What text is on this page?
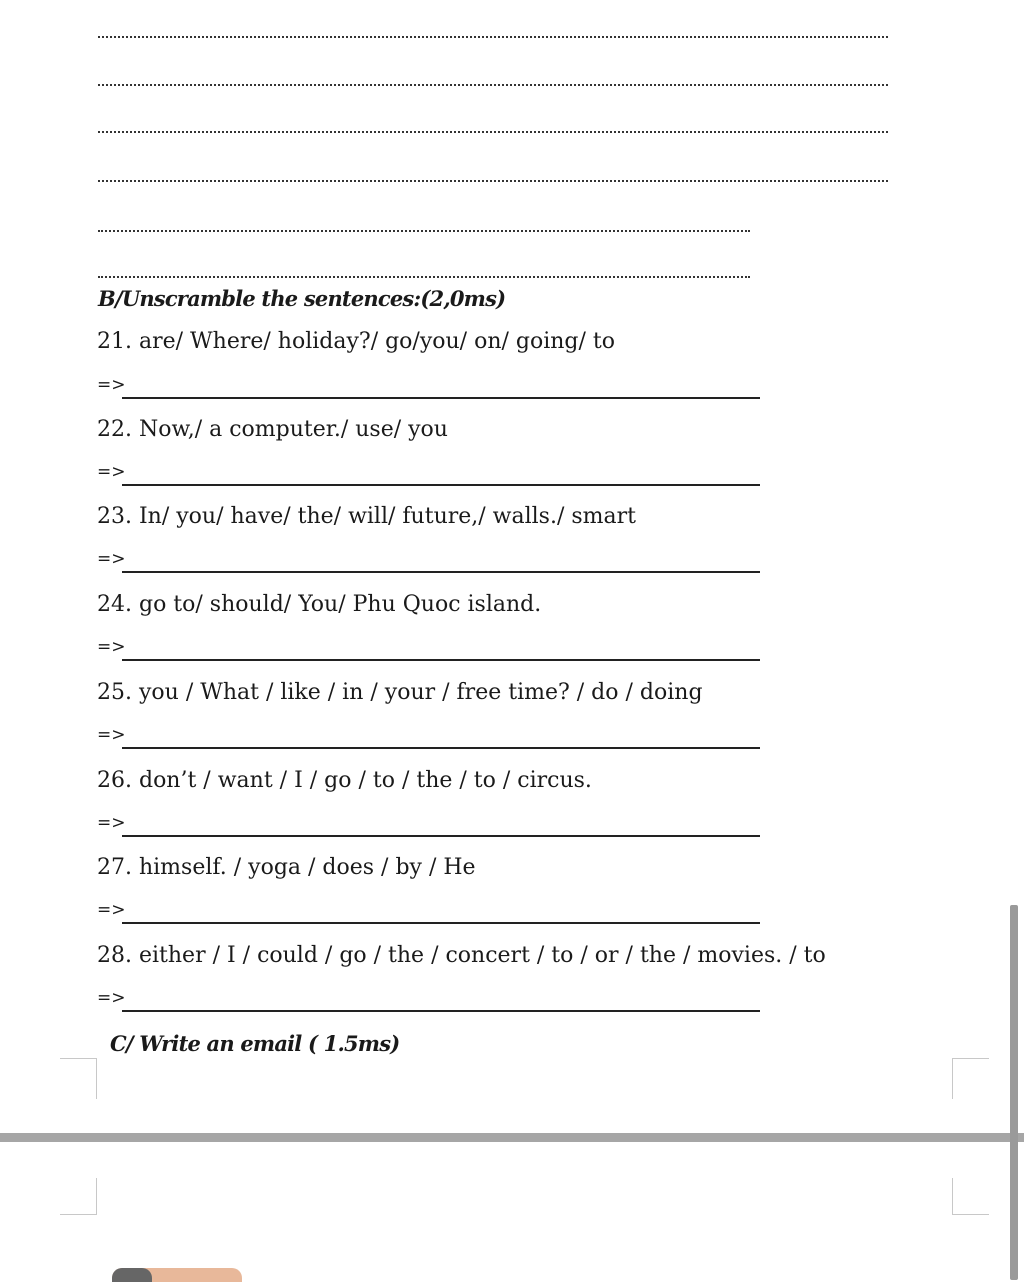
B/Unscramble the sentences:(2,0ms)

21. are/ Where/ holiday?/ go/you/ on/ going/ to

=>

22. Now,/ a computer./ use/ you

=>

23. In/ you/ have/ the/ will/ future,/ walls./ smart

=>

24. go to/ should/ You/ Phu Quoc island.

=>

25. you / What / like / in / your / free time? / do / doing

=>

26. don’t / want / I / go / to / the / to / circus.

=>

27. himself. / yoga / does / by / He

=>

28. either / I / could / go / the / concert / to / or / the / movies. / to

=>

C/ Write an email ( 1.5ms)
